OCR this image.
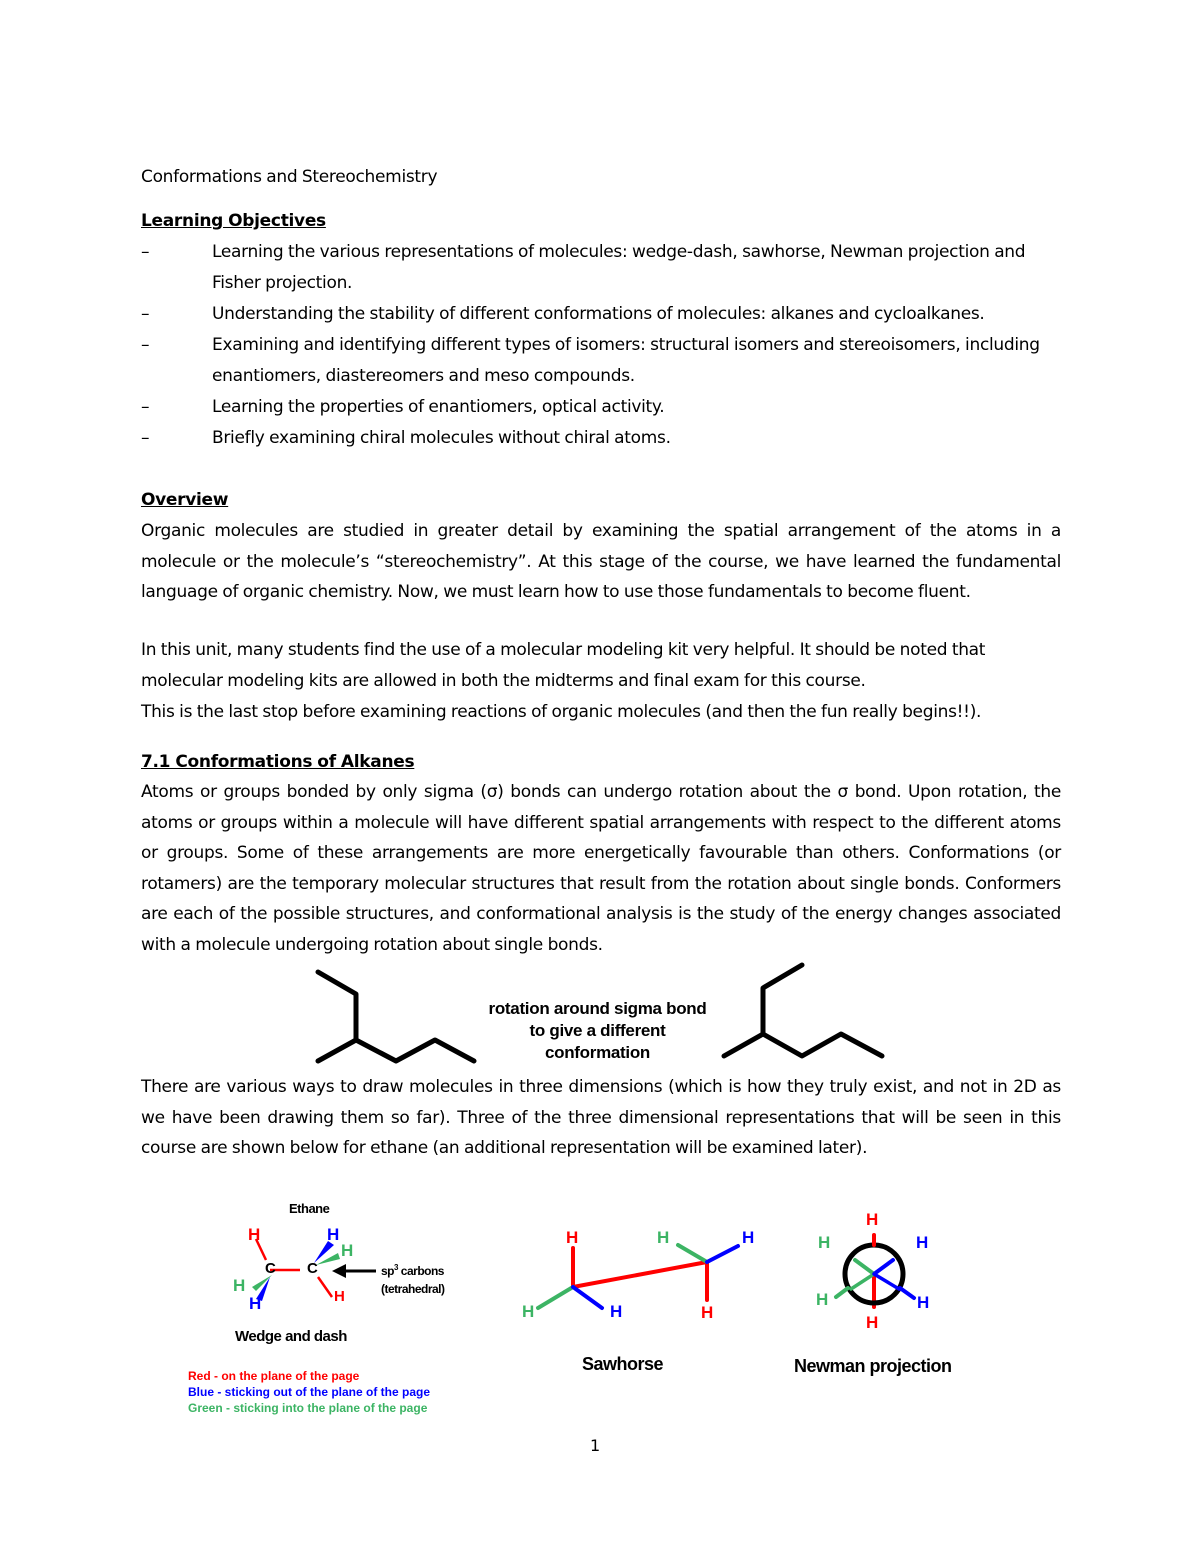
Conformations and Stereochemistry
Learning Objectives
–	Learning the various representations of molecules: wedge-dash, sawhorse, Newman projection and Fisher projection.
–	Understanding the stability of different conformations of molecules: alkanes and cycloalkanes.
–	Examining and identifying different types of isomers: structural isomers and stereoisomers, including enantiomers, diastereomers and meso compounds.
–	Learning the properties of enantiomers, optical activity.
–	Briefly examining chiral molecules without chiral atoms.
Overview
Organic molecules are studied in greater detail by examining the spatial arrangement of the atoms in a molecule or the molecule’s “stereochemistry”. At this stage of the course, we have learned the fundamental language of organic chemistry. Now, we must learn how to use those fundamentals to become fluent.
In this unit, many students find the use of a molecular modeling kit very helpful. It should be noted that molecular modeling kits are allowed in both the midterms and final exam for this course.
This is the last stop before examining reactions of organic molecules (and then the fun really begins!!).
7.1 Conformations of Alkanes
Atoms or groups bonded by only sigma (σ) bonds can undergo rotation about the σ bond. Upon rotation, the atoms or groups within a molecule will have different spatial arrangements with respect to the different atoms or groups. Some of these arrangements are more energetically favourable than others. Conformations (or rotamers) are the temporary molecular structures that result from the rotation about single bonds. Conformers are each of the possible structures, and conformational analysis is the study of the energy changes associated with a molecule undergoing rotation about single bonds.
rotation around sigma bond to give a different conformation
There are various ways to draw molecules in three dimensions (which is how they truly exist, and not in 2D as we have been drawing them so far). Three of the three dimensional representations that will be seen in this course are shown below for ethane (an additional representation will be examined later).
Ethane
H
C C
H
H
H
H
H
$sp^3$ carbons
(tetrahedral)
Wedge and dash
Red - on the plane of the page
Blue - sticking out of the plane of the page
Green - sticking into the plane of the page
H
H	H
H	H
H
Sawhorse
H
H	H
H	H
H
Newman projection
1
